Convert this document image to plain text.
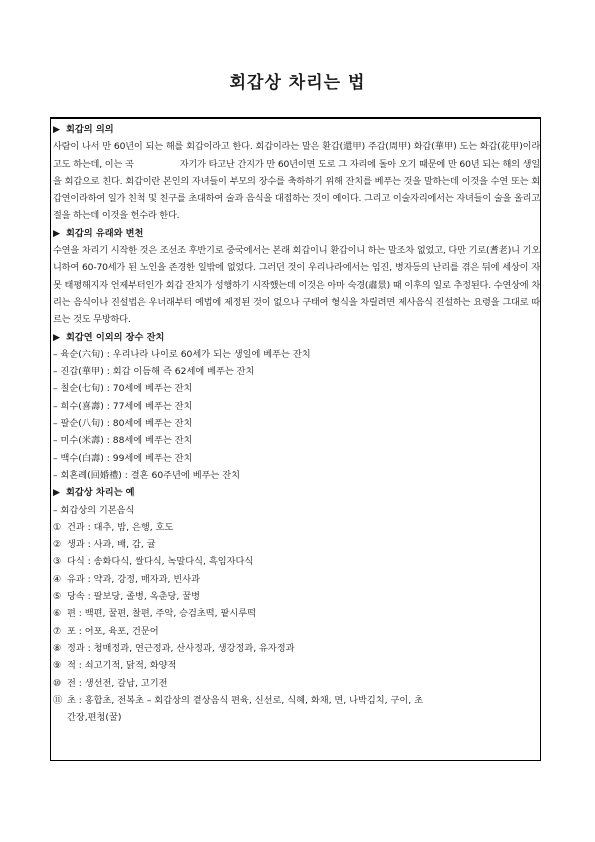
회갑상 차리는 법
▶ 회갑의 의의
사람이 나서 만 60년이 되는 해를 회갑이라고 한다. 회갑이라는 말은 환갑(還甲) 주갑(周甲) 화갑(華甲) 도는 화갑(花甲)이라고도 하는데, 이는 곡	자기가 타고난 간지가 만 60년이면 도로 그 자리에 돌아 오기 때문에 만 60년 되는 해의 생일을 회갑으로 친다. 회갑이란 본인의 자녀들이 부모의 장수를 축하하기 위해 잔치를 베푸는 것을 말하는데 이것을 수연 또는 회갑연이라하여 일가 친척 및 친구를 초대하여 술과 음식을 대접하는 것이 예이다. 그리고 이술자리에서는 자녀들이 술을 올리고 절을 하는데 이것을 헌수라 한다.
▶ 회갑의 유래와 변천
수연을 차리기 시작한 것은 조선조 후반기로 중국에서는 본래 회갑이니 환갑이니 하는 말조차 없었고, 다만 기로(耆老)니 기오니하여 60-70세가 된 노인을 존경한 일밖에 없었다. 그러던 것이 우리나라에서는 임진, 병자등의 난리를 겪은 뒤에 세상이 자못 태평해지자 언제부터인가 회갑 잔치가 성행하기 시작했는데 이것은 아마 숙경(肅景) 때 이후의 일로 추정된다. 수연상에 차리는 음식이나 진설법은 우너래부터 예법에 제정된 것이 없으나 구태여 형식을 차릴려면 제사음식 진설하는 요령을 그대로 따르는 것도 무방하다.
▶ 회갑연 이외의 장수 잔치
– 육순(六旬) : 우리나라 나이로 60세가 되는 생일에 베푸는 잔치
– 진갑(華甲) : 회갑 이듬해 즉 62세에 베푸는 잔치
– 칠순(七旬) : 70세에 베푸는 잔치
– 희수(喜壽) : 77세에 베푸는 잔치
– 팔순(八旬) : 80세에 베푸는 잔치
– 미수(米壽) : 88세에 베푸는 잔치
– 백수(白壽) : 99세에 베푸는 잔치
– 회혼례(回婚禮) : 결혼 60주년에 베푸는 잔치
▶ 회갑상 차리는 예
– 회갑상의 기본음식
① 건과 : 대추, 밤, 은행, 호도
② 생과 : 사과, 배, 감, 귤
③ 다식 : 송화다식, 쌀다식, 녹말다식, 흑임자다식
④ 유과 : 약과, 강정, 매자과, 빈사과
⑤ 당속 : 팔보당, 졸병, 옥춘당, 꿀병
⑥ 편 : 백편, 꿀편, 찰편, 주악, 승검초떡, 팥시루떡
⑦ 포 : 어포, 육포, 건문어
⑧ 정과 : 청매정과, 연근정과, 산사정과, 생강정과, 유자정과
⑨ 적 : 쇠고기적, 닭적, 화양적
⑩ 전 : 생선전, 갈납, 고기전
⑪ 초 : 홍합초, 전복초 – 회갑상의 곁상음식 편육, 신선로, 식혜, 화채, 면, 나박김치, 구이, 초
간장,편청(꿀)
